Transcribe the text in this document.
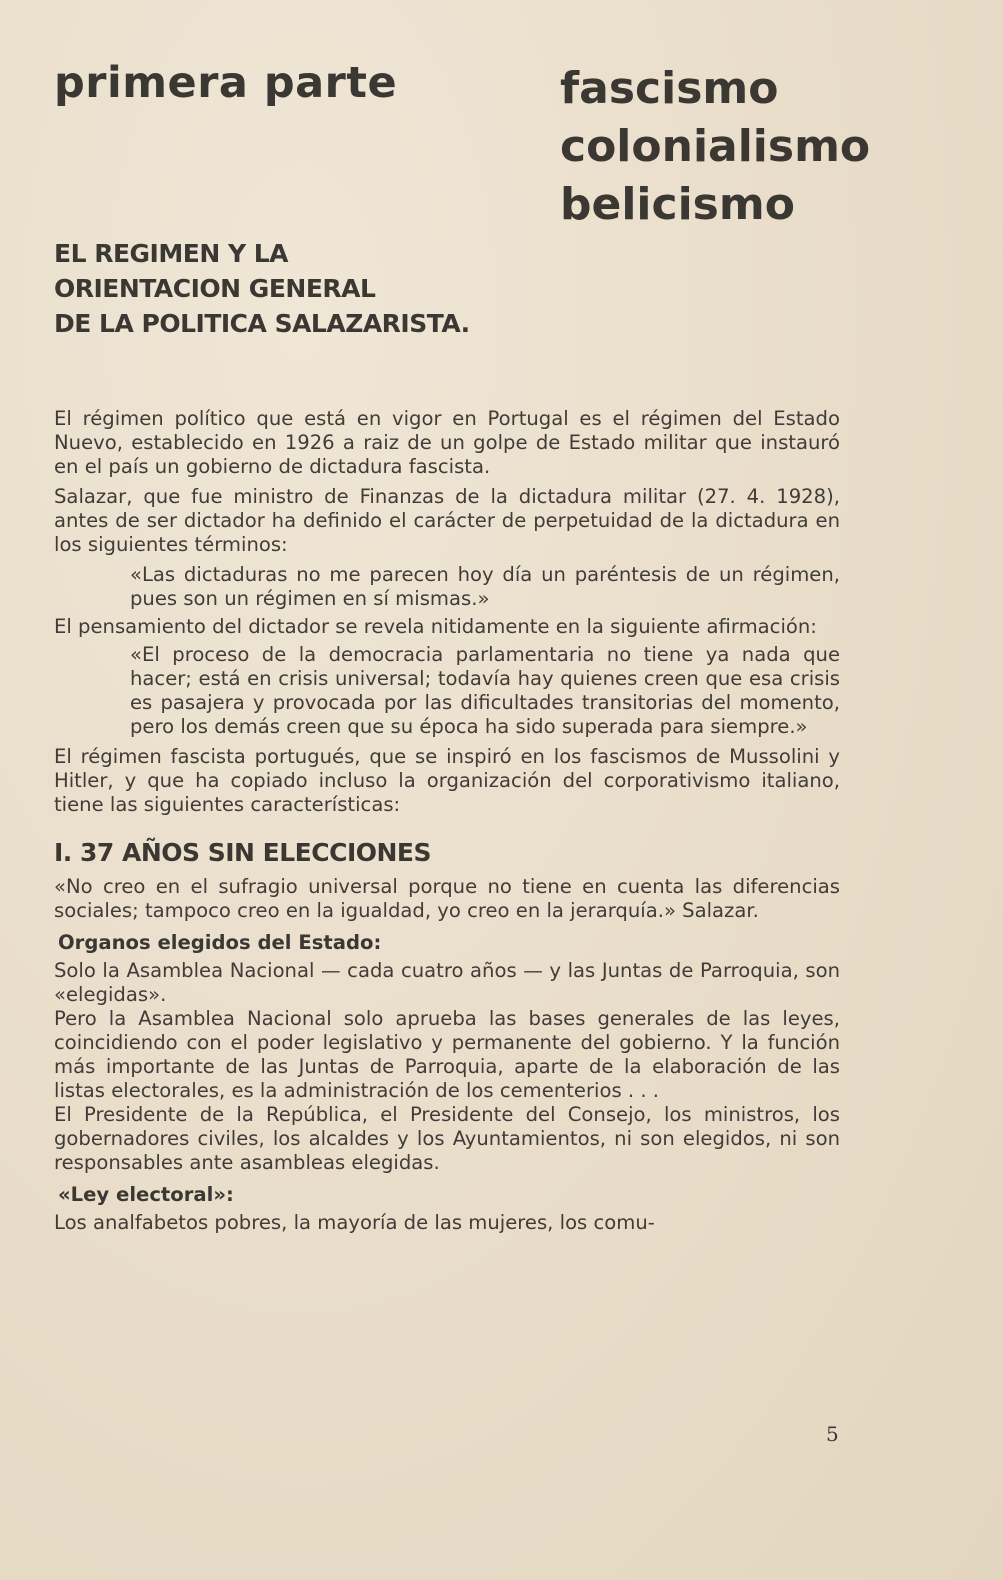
primera parte	fascismo
colonialismo
belicismo
EL REGIMEN Y LA
ORIENTACION GENERAL
DE LA POLITICA SALAZARISTA.

El régimen político que está en vigor en Portugal es el régimen del Estado Nuevo, establecido en 1926 a raiz de un golpe de Estado militar que instauró en el país un gobierno de dictadura fascista.

Salazar, que fue ministro de Finanzas de la dictadura militar (27. 4. 1928), antes de ser dictador ha definido el carácter de perpetuidad de la dictadura en los siguientes términos:

«Las dictaduras no me parecen hoy día un paréntesis de un régimen, pues son un régimen en sí mismas.»

El pensamiento del dictador se revela nitidamente en la siguiente afirmación:

«El proceso de la democracia parlamentaria no tiene ya nada que hacer; está en crisis universal; todavía hay quienes creen que esa crisis es pasajera y provocada por las dificultades transitorias del momento, pero los demás creen que su época ha sido superada para siempre.»

El régimen fascista portugués, que se inspiró en los fascismos de Mussolini y Hitler, y que ha copiado incluso la organización del corporativismo italiano, tiene las siguientes características:

I. 37 AÑOS SIN ELECCIONES

«No creo en el sufragio universal porque no tiene en cuenta las diferencias sociales; tampoco creo en la igualdad, yo creo en la jerarquía.» Salazar.

Organos elegidos del Estado:

Solo la Asamblea Nacional — cada cuatro años — y las Juntas de Parroquia, son «elegidas».

Pero la Asamblea Nacional solo aprueba las bases generales de las leyes, coincidiendo con el poder legislativo y permanente del gobierno. Y la función más importante de las Juntas de Parroquia, aparte de la elaboración de las listas electorales, es la administración de los cementerios . . .

El Presidente de la República, el Presidente del Consejo, los ministros, los gobernadores civiles, los alcaldes y los Ayuntamientos, ni son elegidos, ni son responsables ante asambleas elegidas.

«Ley electoral»:

Los analfabetos pobres, la mayoría de las mujeres, los comu-

5
